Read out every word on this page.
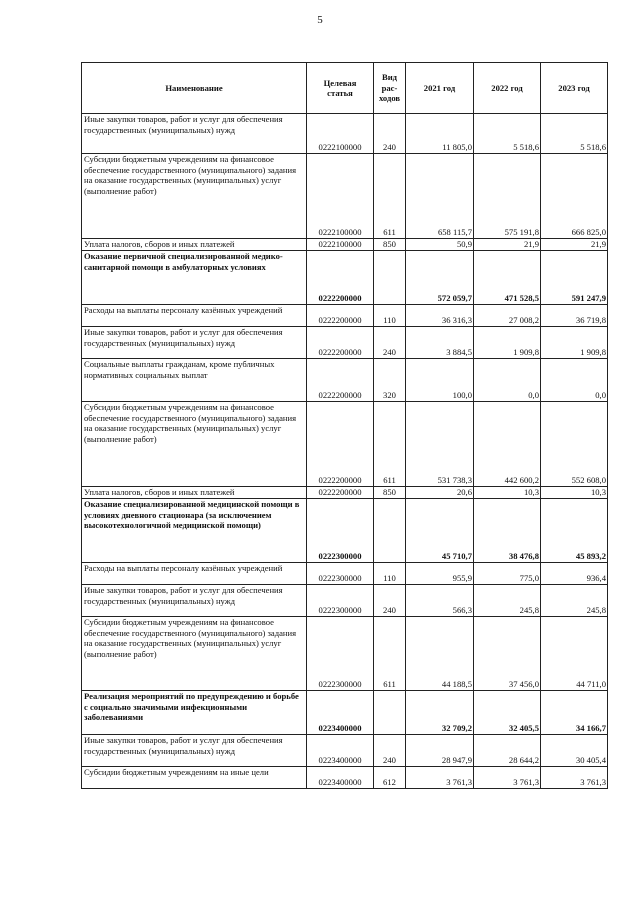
5
Наименование	Целевая статья	Вид рас-ходов	2021 год	2022 год	2023 год
Иные закупки товаров, работ и услуг для обеспечения государственных (муниципальных) нужд	0222100000	240	11 805,0	5 518,6	5 518,6
Субсидии бюджетным учреждениям на финансовое обеспечение государственного (муниципального) задания на оказание государственных (муниципальных) услуг (выполнение работ)	0222100000	611	658 115,7	575 191,8	666 825,0
Уплата налогов, сборов и иных платежей	0222100000	850	50,9	21,9	21,9
Оказание первичной специализированной медико-санитарной помощи в амбулаторных условиях	0222200000		572 059,7	471 528,5	591 247,9
Расходы на выплаты персоналу казённых учреждений	0222200000	110	36 316,3	27 008,2	36 719,8
Иные закупки товаров, работ и услуг для обеспечения государственных (муниципальных) нужд	0222200000	240	3 884,5	1 909,8	1 909,8
Социальные выплаты гражданам, кроме публичных нормативных социальных выплат	0222200000	320	100,0	0,0	0,0
Субсидии бюджетным учреждениям на финансовое обеспечение государственного (муниципального) задания на оказание государственных (муниципальных) услуг (выполнение работ)	0222200000	611	531 738,3	442 600,2	552 608,0
Уплата налогов, сборов и иных платежей	0222200000	850	20,6	10,3	10,3
Оказание специализированной медицинской помощи в условиях дневного стационара (за исключением высокотехнологичной медицинской помощи)	0222300000		45 710,7	38 476,8	45 893,2
Расходы на выплаты персоналу казённых учреждений	0222300000	110	955,9	775,0	936,4
Иные закупки товаров, работ и услуг для обеспечения государственных (муниципальных) нужд	0222300000	240	566,3	245,8	245,8
Субсидии бюджетным учреждениям на финансовое обеспечение государственного (муниципального) задания на оказание государственных (муниципальных) услуг (выполнение работ)	0222300000	611	44 188,5	37 456,0	44 711,0
Реализация мероприятий по предупреждению и борьбе с социально значимыми инфекционными заболеваниями	0223400000		32 709,2	32 405,5	34 166,7
Иные закупки товаров, работ и услуг для обеспечения государственных (муниципальных) нужд	0223400000	240	28 947,9	28 644,2	30 405,4
Субсидии бюджетным учреждениям на иные цели	0223400000	612	3 761,3	3 761,3	3 761,3
